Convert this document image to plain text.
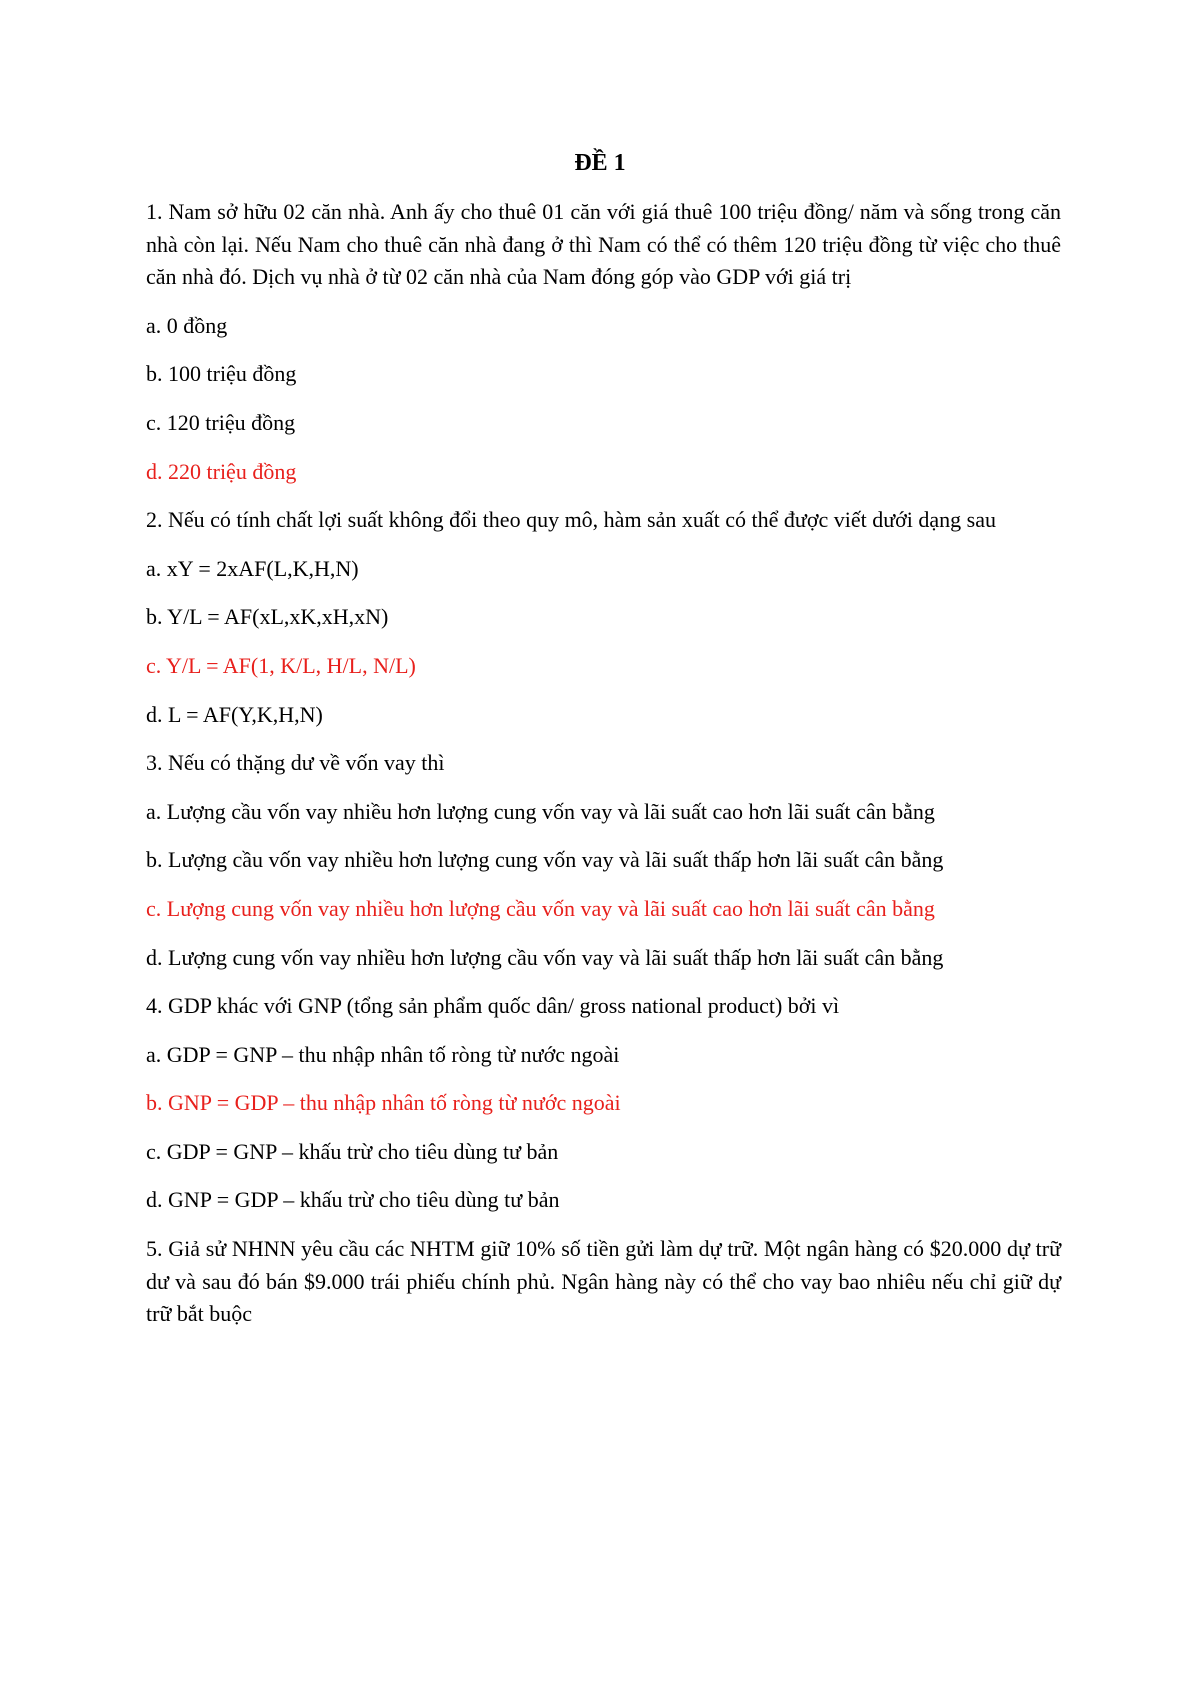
ĐỀ 1

1. Nam sở hữu 02 căn nhà. Anh ấy cho thuê 01 căn với giá thuê 100 triệu đồng/ năm và sống trong căn nhà còn lại. Nếu Nam cho thuê căn nhà đang ở thì Nam có thể có thêm 120 triệu đồng từ việc cho thuê căn nhà đó. Dịch vụ nhà ở từ 02 căn nhà của Nam đóng góp vào GDP với giá trị

a. 0 đồng

b. 100 triệu đồng

c. 120 triệu đồng

d. 220 triệu đồng

2. Nếu có tính chất lợi suất không đổi theo quy mô, hàm sản xuất có thể được viết dưới dạng sau

a. xY = 2xAF(L,K,H,N)

b. Y/L = AF(xL,xK,xH,xN)

c. Y/L = AF(1, K/L, H/L, N/L)

d. L = AF(Y,K,H,N)

3. Nếu có thặng dư về vốn vay thì

a. Lượng cầu vốn vay nhiều hơn lượng cung vốn vay và lãi suất cao hơn lãi suất cân bằng

b. Lượng cầu vốn vay nhiều hơn lượng cung vốn vay và lãi suất thấp hơn lãi suất cân bằng

c. Lượng cung vốn vay nhiều hơn lượng cầu vốn vay và lãi suất cao hơn lãi suất cân bằng

d. Lượng cung vốn vay nhiều hơn lượng cầu vốn vay và lãi suất thấp hơn lãi suất cân bằng

4. GDP khác với GNP (tổng sản phẩm quốc dân/ gross national product) bởi vì

a. GDP = GNP – thu nhập nhân tố ròng từ nước ngoài

b. GNP = GDP – thu nhập nhân tố ròng từ nước ngoài

c. GDP = GNP – khấu trừ cho tiêu dùng tư bản

d. GNP = GDP – khấu trừ cho tiêu dùng tư bản

5. Giả sử NHNN yêu cầu các NHTM giữ 10% số tiền gửi làm dự trữ. Một ngân hàng có $20.000 dự trữ dư và sau đó bán $9.000 trái phiếu chính phủ. Ngân hàng này có thể cho vay bao nhiêu nếu chỉ giữ dự trữ bắt buộc
